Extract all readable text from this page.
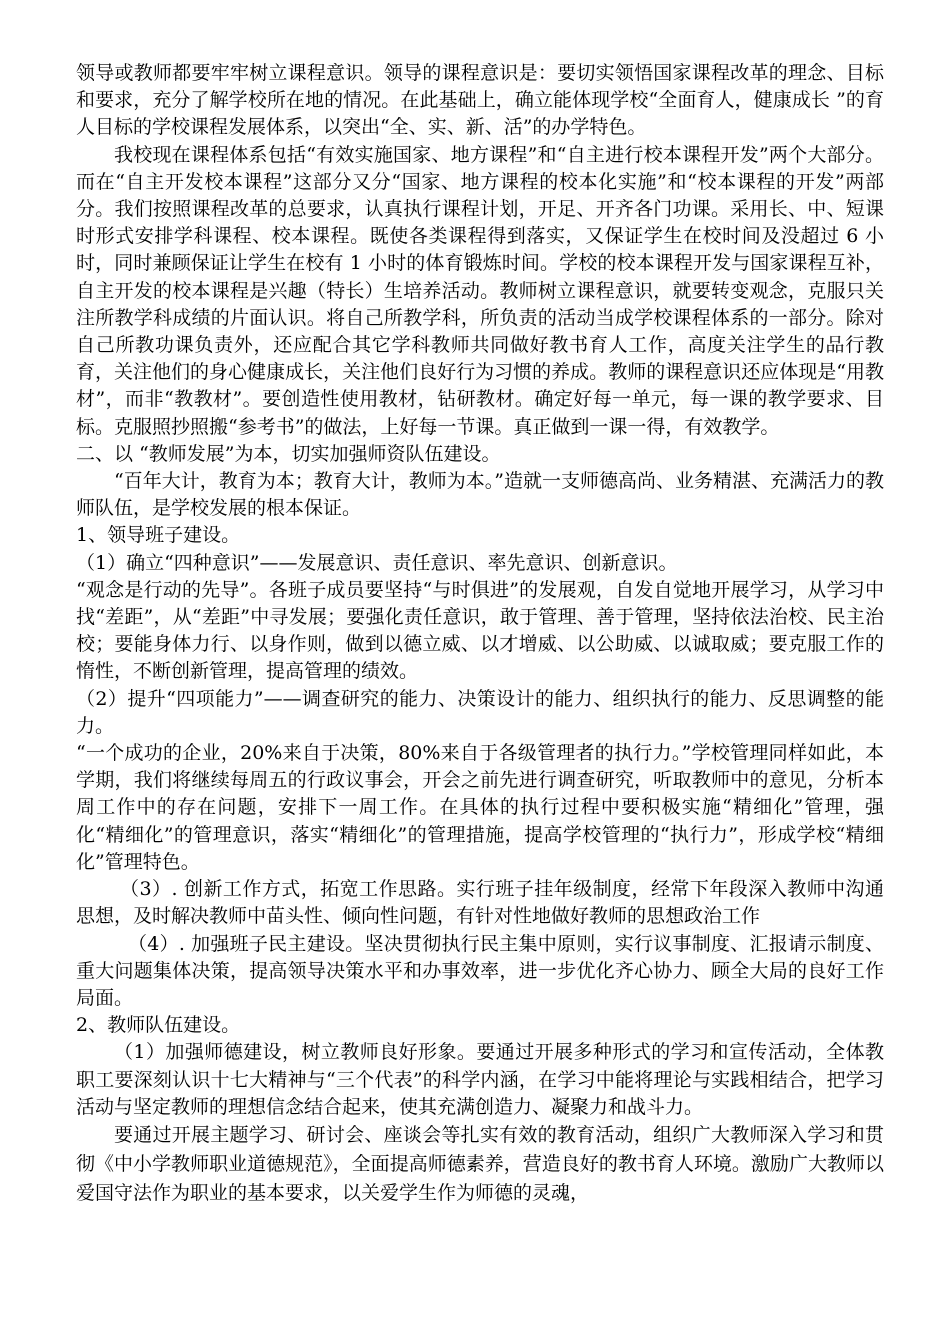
领导或教师都要牢牢树立课程意识。领导的课程意识是：要切实领悟国家课程改革的理念、目标和要求，充分了解学校所在地的情况。在此基础上，确立能体现学校“全面育人，健康成长 ”的育人目标的学校课程发展体系，以突出“全、实、新、活”的办学特色。

我校现在课程体系包括“有效实施国家、地方课程”和“自主进行校本课程开发”两个大部分。而在“自主开发校本课程”这部分又分“国家、地方课程的校本化实施”和“校本课程的开发”两部分。我们按照课程改革的总要求，认真执行课程计划，开足、开齐各门功课。采用长、中、短课时形式安排学科课程、校本课程。既使各类课程得到落实，又保证学生在校时间及没超过 6 小时，同时兼顾保证让学生在校有 1 小时的体育锻炼时间。学校的校本课程开发与国家课程互补，自主开发的校本课程是兴趣（特长）生培养活动。教师树立课程意识，就要转变观念，克服只关注所教学科成绩的片面认识。将自己所教学科，所负责的活动当成学校课程体系的一部分。除对自己所教功课负责外，还应配合其它学科教师共同做好教书育人工作，高度关注学生的品行教育，关注他们的身心健康成长，关注他们良好行为习惯的养成。教师的课程意识还应体现是“用教材”，而非“教教材”。要创造性使用教材，钻研教材。确定好每一单元，每一课的教学要求、目标。克服照抄照搬“参考书”的做法，上好每一节课。真正做到一课一得，有效教学。

二、以 “教师发展”为本，切实加强师资队伍建设。

“百年大计，教育为本；教育大计，教师为本。”造就一支师德高尚、业务精湛、充满活力的教师队伍，是学校发展的根本保证。

1、领导班子建设。

（1）确立“四种意识”——发展意识、责任意识、率先意识、创新意识。

“观念是行动的先导”。各班子成员要坚持“与时俱进”的发展观，自发自觉地开展学习，从学习中找“差距”，从“差距”中寻发展；要强化责任意识，敢于管理、善于管理，坚持依法治校、民主治校；要能身体力行、以身作则，做到以德立威、以才增威、以公助威、以诚取威；要克服工作的惰性，不断创新管理，提高管理的绩效。

（2）提升“四项能力”——调查研究的能力、决策设计的能力、组织执行的能力、反思调整的能力。

“一个成功的企业，20%来自于决策，80%来自于各级管理者的执行力。”学校管理同样如此，本学期，我们将继续每周五的行政议事会，开会之前先进行调查研究，听取教师中的意见，分析本周工作中的存在问题，安排下一周工作。在具体的执行过程中要积极实施“精细化”管理，强化“精细化”的管理意识，落实“精细化”的管理措施，提高学校管理的“执行力”，形成学校“精细化”管理特色。

（3）. 创新工作方式，拓宽工作思路。实行班子挂年级制度，经常下年段深入教师中沟通思想，及时解决教师中苗头性、倾向性问题，有针对性地做好教师的思想政治工作

（4）. 加强班子民主建设。坚决贯彻执行民主集中原则，实行议事制度、汇报请示制度、重大问题集体决策，提高领导决策水平和办事效率，进一步优化齐心协力、顾全大局的良好工作局面。

2、教师队伍建设。

（1）加强师德建设，树立教师良好形象。要通过开展多种形式的学习和宣传活动，全体教职工要深刻认识十七大精神与“三个代表”的科学内涵，在学习中能将理论与实践相结合，把学习活动与坚定教师的理想信念结合起来，使其充满创造力、凝聚力和战斗力。

要通过开展主题学习、研讨会、座谈会等扎实有效的教育活动，组织广大教师深入学习和贯彻《中小学教师职业道德规范》，全面提高师德素养，营造良好的教书育人环境。激励广大教师以爱国守法作为职业的基本要求，以关爱学生作为师德的灵魂，
